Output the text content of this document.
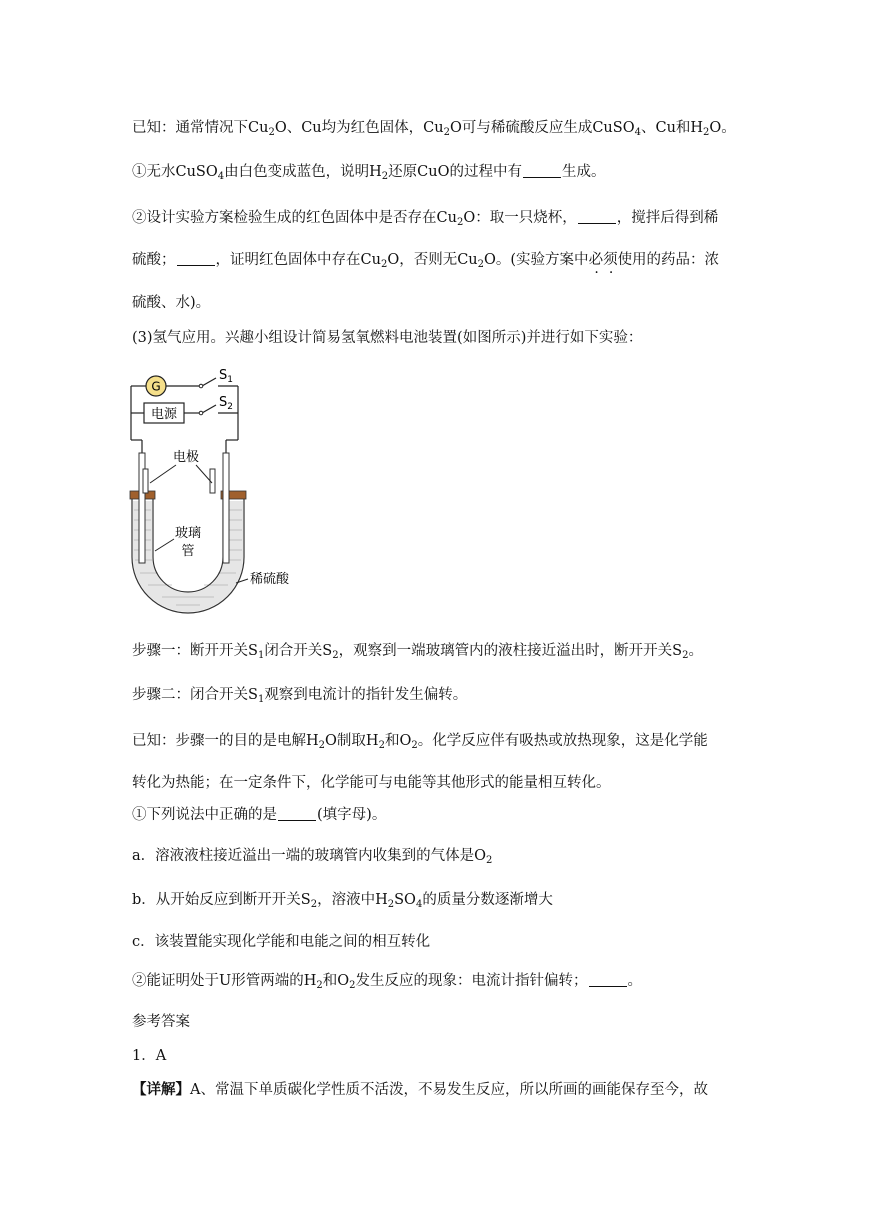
已知：通常情况下$Cu_2O$、Cu均为红色固体，$Cu_2O$可与稀硫酸反应生成CuSO$_4$、Cu和$H_2O$。
①无水CuSO$_4$由白色变成蓝色，说明$H_2$还原CuO的过程中有	生成。
②设计实验方案检验生成的红色固体中是否存在$Cu_2O$：取一只烧杯，	，搅拌后得到稀
硫酸；	，证明红色固体中存在$Cu_2O$，否则无$Cu_2O$。(实验方案中必须使用的药品：浓
硫酸、水)。
(3)氢气应用。兴趣小组设计简易氢氧燃料电池装置(如图所示)并进行如下实验：
步骤一：断开开关$S_1$闭合开关$S_2$，观察到一端玻璃管内的液柱接近溢出时，断开开关$S_2$。
步骤二：闭合开关$S_1$观察到电流计的指针发生偏转。
已知：步骤一的目的是电解$H_2O$制取$H_2$和$O_2$。化学反应伴有吸热或放热现象，这是化学能
转化为热能；在一定条件下，化学能可与电能等其他形式的能量相互转化。
①下列说法中正确的是	(填字母)。
a．溶液液柱接近溢出一端的玻璃管内收集到的气体是$O_2$
b．从开始反应到断开开关$S_2$，溶液中$H_2SO_4$的质量分数逐渐增大
c．该装置能实现化学能和电能之间的相互转化
②能证明处于U形管两端的$H_2$和$O_2$发生反应的现象：电流计指针偏转；	。
参考答案
1．A
【详解】A、常温下单质碳化学性质不活泼，不易发生反应，所以所画的画能保存至今，故
G
$S_1$
$S_2$
电源
电极
玻璃
管
稀硫酸
